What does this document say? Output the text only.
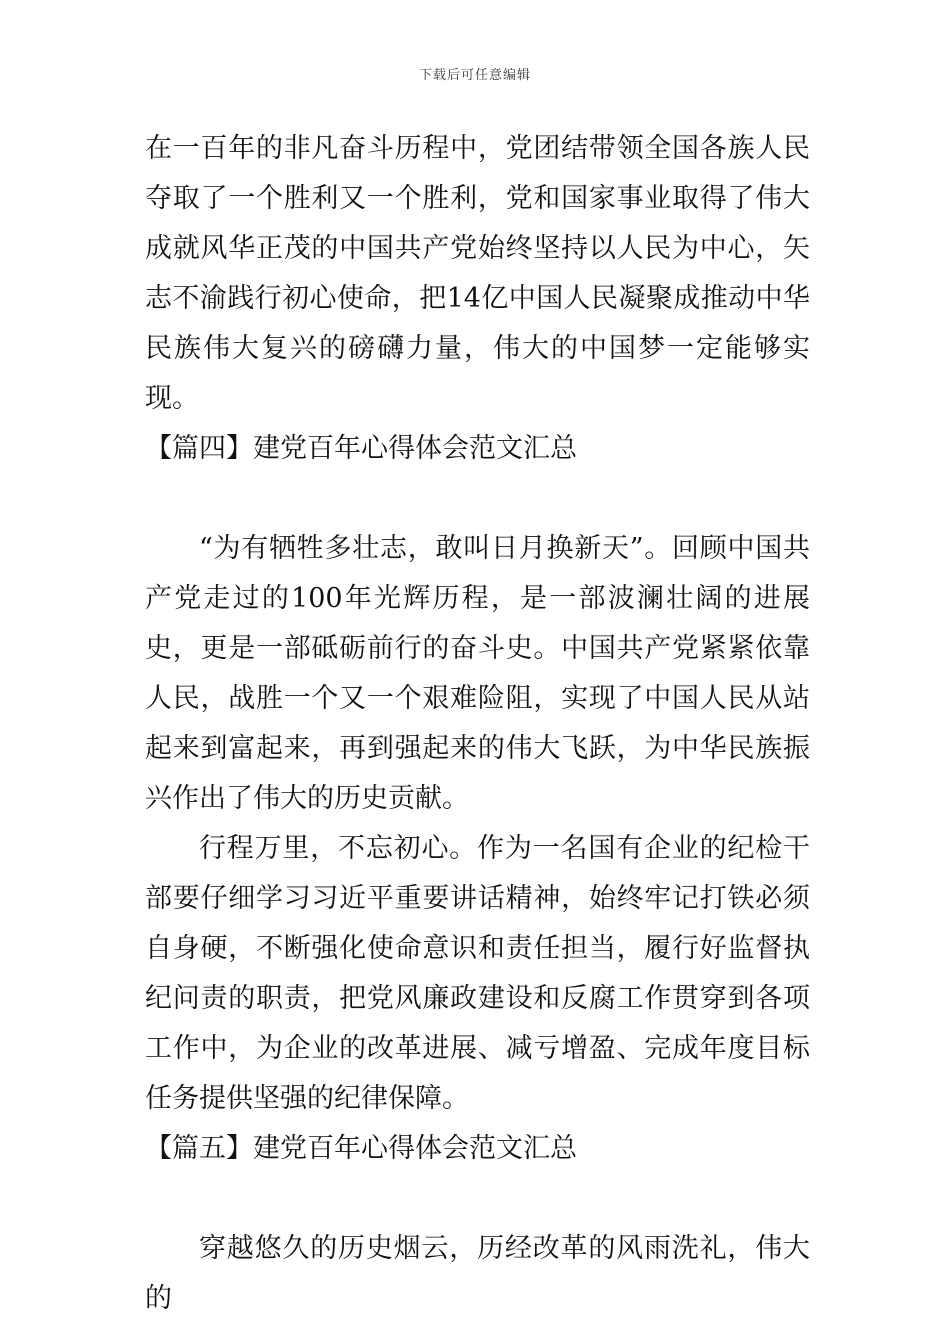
下载后可任意编辑

在一百年的非凡奋斗历程中，党团结带领全国各族人民夺取了一个胜利又一个胜利，党和国家事业取得了伟大成就风华正茂的中国共产党始终坚持以人民为中心，矢志不渝践行初心使命，把14亿中国人民凝聚成推动中华民族伟大复兴的磅礴力量，伟大的中国梦一定能够实现。

【篇四】建党百年心得体会范文汇总

“为有牺牲多壮志，敢叫日月换新天”。回顾中国共产党走过的100年光辉历程，是一部波澜壮阔的进展史，更是一部砥砺前行的奋斗史。中国共产党紧紧依靠人民，战胜一个又一个艰难险阻，实现了中国人民从站起来到富起来，再到强起来的伟大飞跃，为中华民族振兴作出了伟大的历史贡献。

行程万里，不忘初心。作为一名国有企业的纪检干部要仔细学习习近平重要讲话精神，始终牢记打铁必须自身硬，不断强化使命意识和责任担当，履行好监督执纪问责的职责，把党风廉政建设和反腐工作贯穿到各项工作中，为企业的改革进展、减亏增盈、完成年度目标任务提供坚强的纪律保障。

【篇五】建党百年心得体会范文汇总

穿越悠久的历史烟云，历经改革的风雨洗礼，伟大的
